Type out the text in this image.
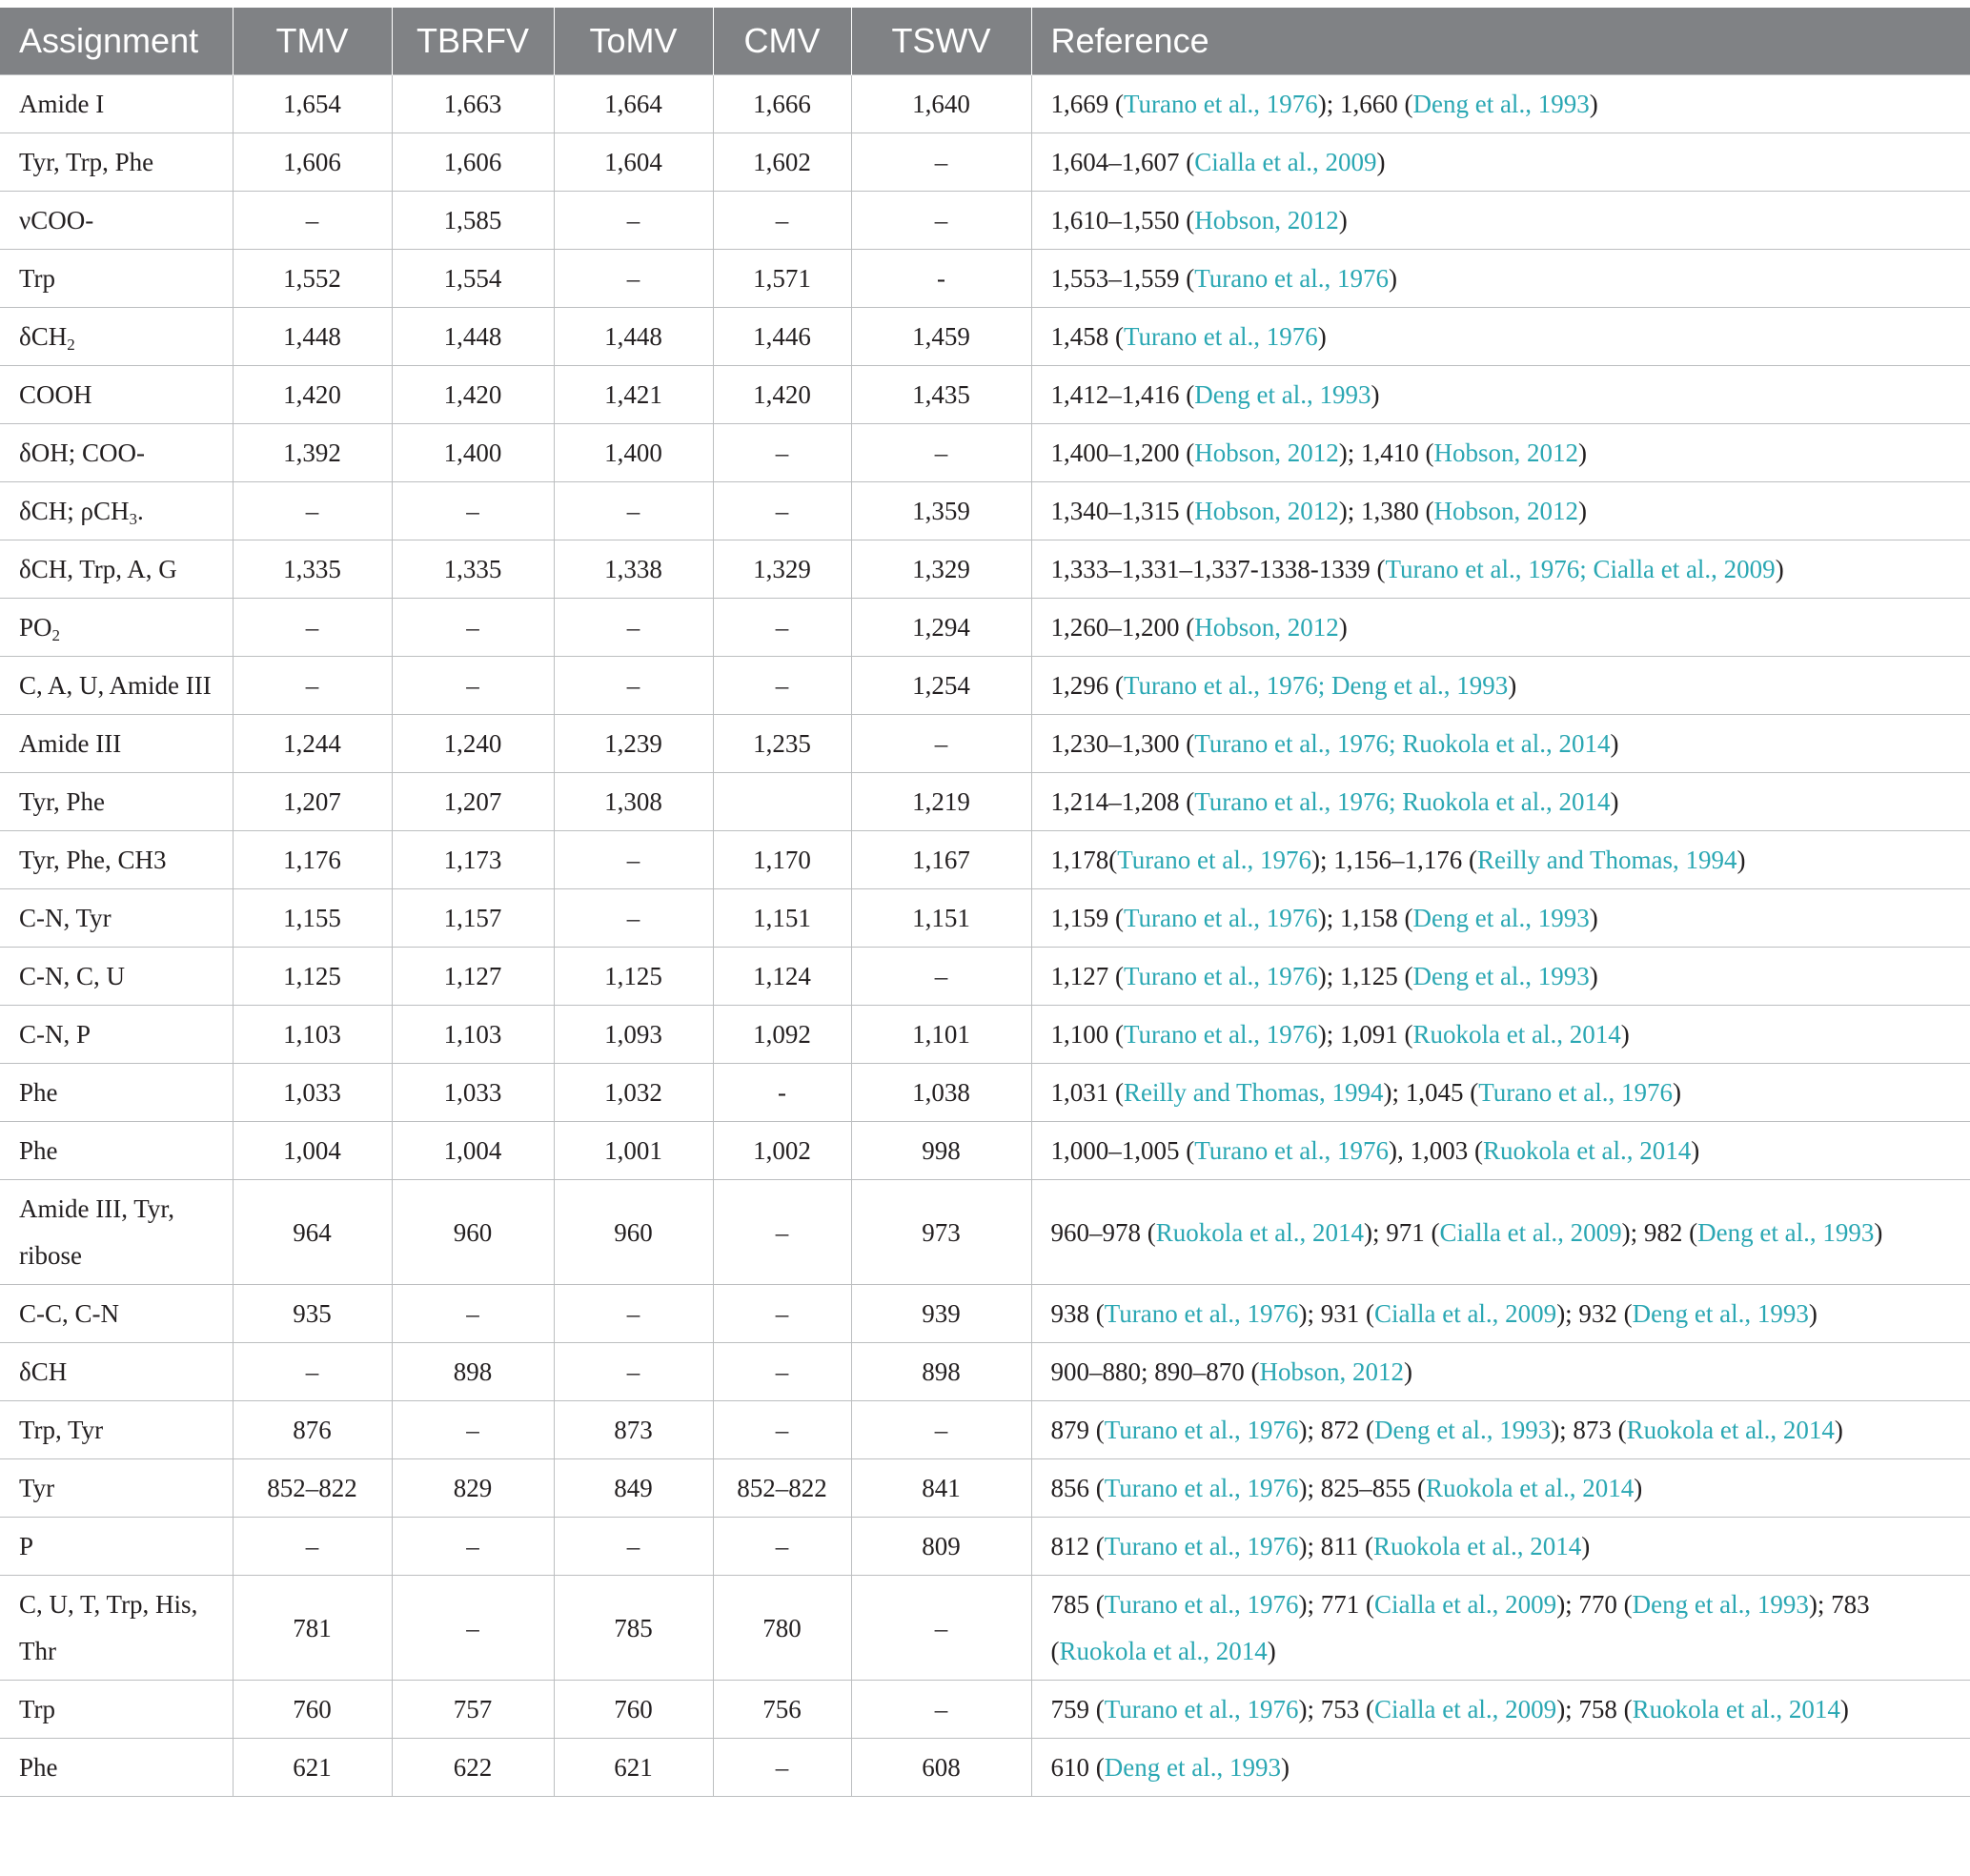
Assignment	TMV	TBRFV	ToMV	CMV	TSWV	Reference
Amide I	1,654	1,663	1,664	1,666	1,640	1,669 (Turano et al., 1976); 1,660 (Deng et al., 1993)
Tyr, Trp, Phe	1,606	1,606	1,604	1,602	–	1,604–1,607 (Cialla et al., 2009)
νCOO-	–	1,585	–	–	–	1,610–1,550 (Hobson, 2012)
Trp	1,552	1,554	–	1,571	-	1,553–1,559 (Turano et al., 1976)
δCH$_2$	1,448	1,448	1,448	1,446	1,459	1,458 (Turano et al., 1976)
COOH	1,420	1,420	1,421	1,420	1,435	1,412–1,416 (Deng et al., 1993)
δOH; COO-	1,392	1,400	1,400	–	–	1,400–1,200 (Hobson, 2012); 1,410 (Hobson, 2012)
δCH; ρCH$_3$.	–	–	–	–	1,359	1,340–1,315 (Hobson, 2012); 1,380 (Hobson, 2012)
δCH, Trp, A, G	1,335	1,335	1,338	1,329	1,329	1,333–1,331–1,337-1338-1339 (Turano et al., 1976; Cialla et al., 2009)
$PO_2$	–	–	–	–	1,294	1,260–1,200 (Hobson, 2012)
C, A, U, Amide III	–	–	–	–	1,254	1,296 (Turano et al., 1976; Deng et al., 1993)
Amide III	1,244	1,240	1,239	1,235	–	1,230–1,300 (Turano et al., 1976; Ruokola et al., 2014)
Tyr, Phe	1,207	1,207	1,308		1,219	1,214–1,208 (Turano et al., 1976; Ruokola et al., 2014)
Tyr, Phe, CH3	1,176	1,173	–	1,170	1,167	1,178(Turano et al., 1976); 1,156–1,176 (Reilly and Thomas, 1994)
C-N, Tyr	1,155	1,157	–	1,151	1,151	1,159 (Turano et al., 1976); 1,158 (Deng et al., 1993)
C-N, C, U	1,125	1,127	1,125	1,124	–	1,127 (Turano et al., 1976); 1,125 (Deng et al., 1993)
C-N, P	1,103	1,103	1,093	1,092	1,101	1,100 (Turano et al., 1976); 1,091 (Ruokola et al., 2014)
Phe	1,033	1,033	1,032	-	1,038	1,031 (Reilly and Thomas, 1994); 1,045 (Turano et al., 1976)
Phe	1,004	1,004	1,001	1,002	998	1,000–1,005 (Turano et al., 1976), 1,003 (Ruokola et al., 2014)
Amide III, Tyr, ribose	964	960	960	–	973	960–978 (Ruokola et al., 2014); 971 (Cialla et al., 2009); 982 (Deng et al., 1993)
C-C, C-N	935	–	–	–	939	938 (Turano et al., 1976); 931 (Cialla et al., 2009); 932 (Deng et al., 1993)
δCH	–	898	–	–	898	900–880; 890–870 (Hobson, 2012)
Trp, Tyr	876	–	873	–	–	879 (Turano et al., 1976); 872 (Deng et al., 1993); 873 (Ruokola et al., 2014)
Tyr	852–822	829	849	852–822	841	856 (Turano et al., 1976); 825–855 (Ruokola et al., 2014)
P	–	–	–	–	809	812 (Turano et al., 1976); 811 (Ruokola et al., 2014)
C, U, T, Trp, His, Thr	781	–	785	780	–	785 (Turano et al., 1976); 771 (Cialla et al., 2009); 770 (Deng et al., 1993); 783 (Ruokola et al., 2014)
Trp	760	757	760	756	–	759 (Turano et al., 1976); 753 (Cialla et al., 2009); 758 (Ruokola et al., 2014)
Phe	621	622	621	–	608	610 (Deng et al., 1993)
